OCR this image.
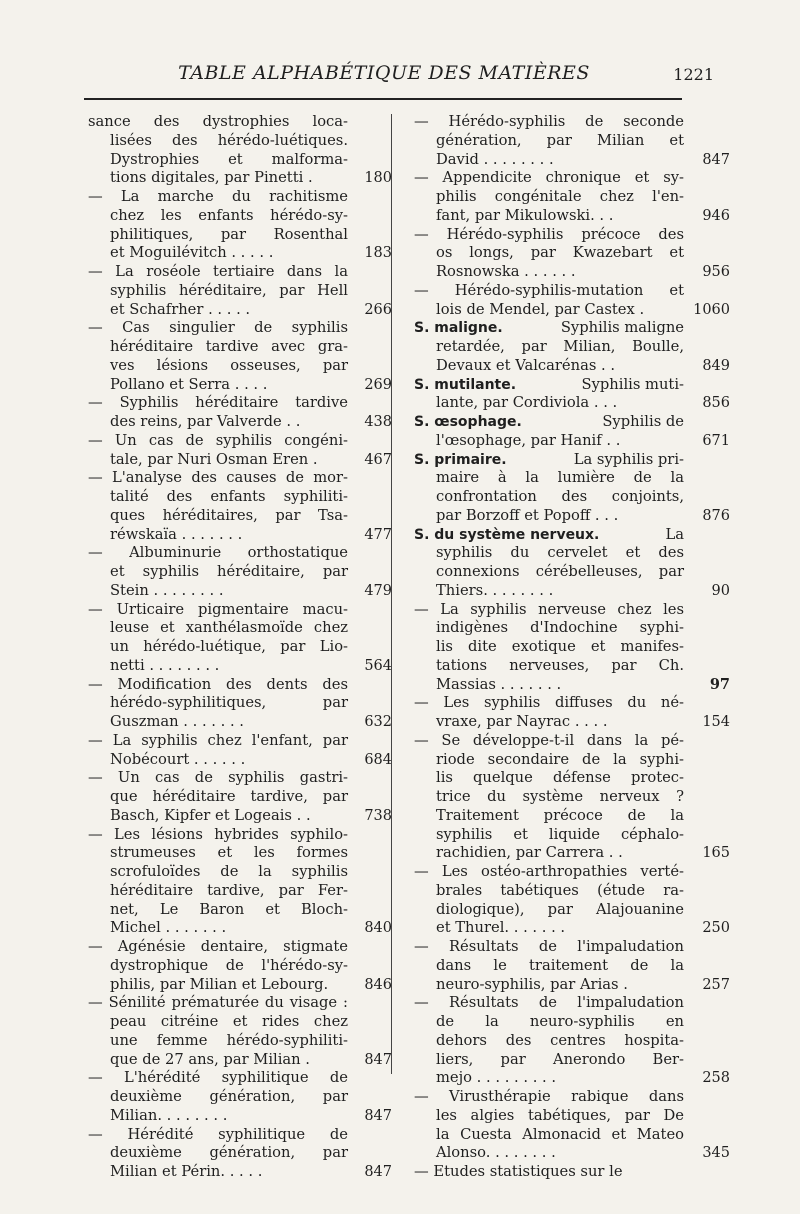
TABLE ALPHABÉTIQUE DES MATIÈRES	1221
sance des dystrophies loca-
lisées des hérédo-luétiques.
Dystrophies et malforma-
tions digitales, par Pinetti .	180
— La marche du rachitisme
chez les enfants hérédo-sy-
philitiques, par Rosenthal
et Moguilévitch . . . . .	183
— La roséole tertiaire dans la
syphilis héréditaire, par Hell
et Schafrher . . . . .	266
— Cas singulier de syphilis
héréditaire tardive avec gra-
ves lésions osseuses, par
Pollano et Serra . . . .	269
— Syphilis héréditaire tardive
des reins, par Valverde . .	438
— Un cas de syphilis congéni-
tale, par Nuri Osman Eren .	467
— L'analyse des causes de mor-
talité des enfants syphiliti-
ques héréditaires, par Tsa-
réwskaïa . . . . . . .	477
— Albuminurie orthostatique
et syphilis héréditaire, par
Stein . . . . . . . .	479
— Urticaire pigmentaire macu-
leuse et xanthélasmoïde chez
un hérédo-luétique, par Lio-
netti . . . . . . . .	564
— Modification des dents des
hérédo-syphilitiques, par
Guszman . . . . . . .	632
— La syphilis chez l'enfant, par
Nobécourt . . . . . .	684
— Un cas de syphilis gastri-
que héréditaire tardive, par
Basch, Kipfer et Logeais . .	738
— Les lésions hybrides syphilo-
strumeuses et les formes
scrofuloïdes de la syphilis
héréditaire tardive, par Fer-
net, Le Baron et Bloch-
Michel . . . . . . .	840
— Agénésie dentaire, stigmate
dystrophique de l'hérédo-sy-
philis, par Milian et Lebourg.	846
— Sénilité prématurée du visage :
peau citréine et rides chez
une femme hérédo-syphiliti-
que de 27 ans, par Milian .	847
— L'hérédité syphilitique de
deuxième génération, par
Milian. . . . . . . .	847
— Hérédité syphilitique de
deuxième génération, par
Milian et Périn. . . . .	847
— Hérédo-syphilis de seconde
génération, par Milian et
David . . . . . . . .	847
— Appendicite chronique et sy-
philis congénitale chez l'en-
fant, par Mikulowski. . .	946
— Hérédo-syphilis précoce des
os longs, par Kwazebart et
Rosnowska . . . . . .	956
— Hérédo-syphilis-mutation et
lois de Mendel, par Castex .	1060
S. maligne.	Syphilis maligne
retardée, par Milian, Boulle,
Devaux et Valcarénas . .	849
S. mutilante.	Syphilis muti-
lante, par Cordiviola . . .	856
S. œsophage.	Syphilis de
l'œsophage, par Hanif . .	671
S. primaire.	La syphilis pri-
maire à la lumière de la
confrontation des conjoints,
par Borzoff et Popoff . . .	876
S. du système nerveux.	La
syphilis du cervelet et des
connexions cérébelleuses, par
Thiers. . . . . . . .	90
— La syphilis nerveuse chez les
indigènes d'Indochine syphi-
lis dite exotique et manifes-
tations nerveuses, par Ch.
Massias . . . . . . .	97
— Les syphilis diffuses du né-
vraxe, par Nayrac . . . .	154
— Se développe-t-il dans la pé-
riode secondaire de la syphi-
lis quelque défense protec-
trice du système nerveux ?
Traitement précoce de la
syphilis et liquide céphalo-
rachidien, par Carrera . .	165
— Les ostéo-arthropathies verté-
brales tabétiques (étude ra-
diologique), par Alajouanine
et Thurel. . . . . . .	250
— Résultats de l'impaludation
dans le traitement de la
neuro-syphilis, par Arias .	257
— Résultats de l'impaludation
de la neuro-syphilis en
dehors des centres hospita-
liers, par Anerondo Ber-
mejo . . . . . . . . .	258
— Virusthérapie rabique dans
les algies tabétiques, par De
la Cuesta Almonacid et Mateo
Alonso. . . . . . . .	345
— Etudes statistiques sur le
